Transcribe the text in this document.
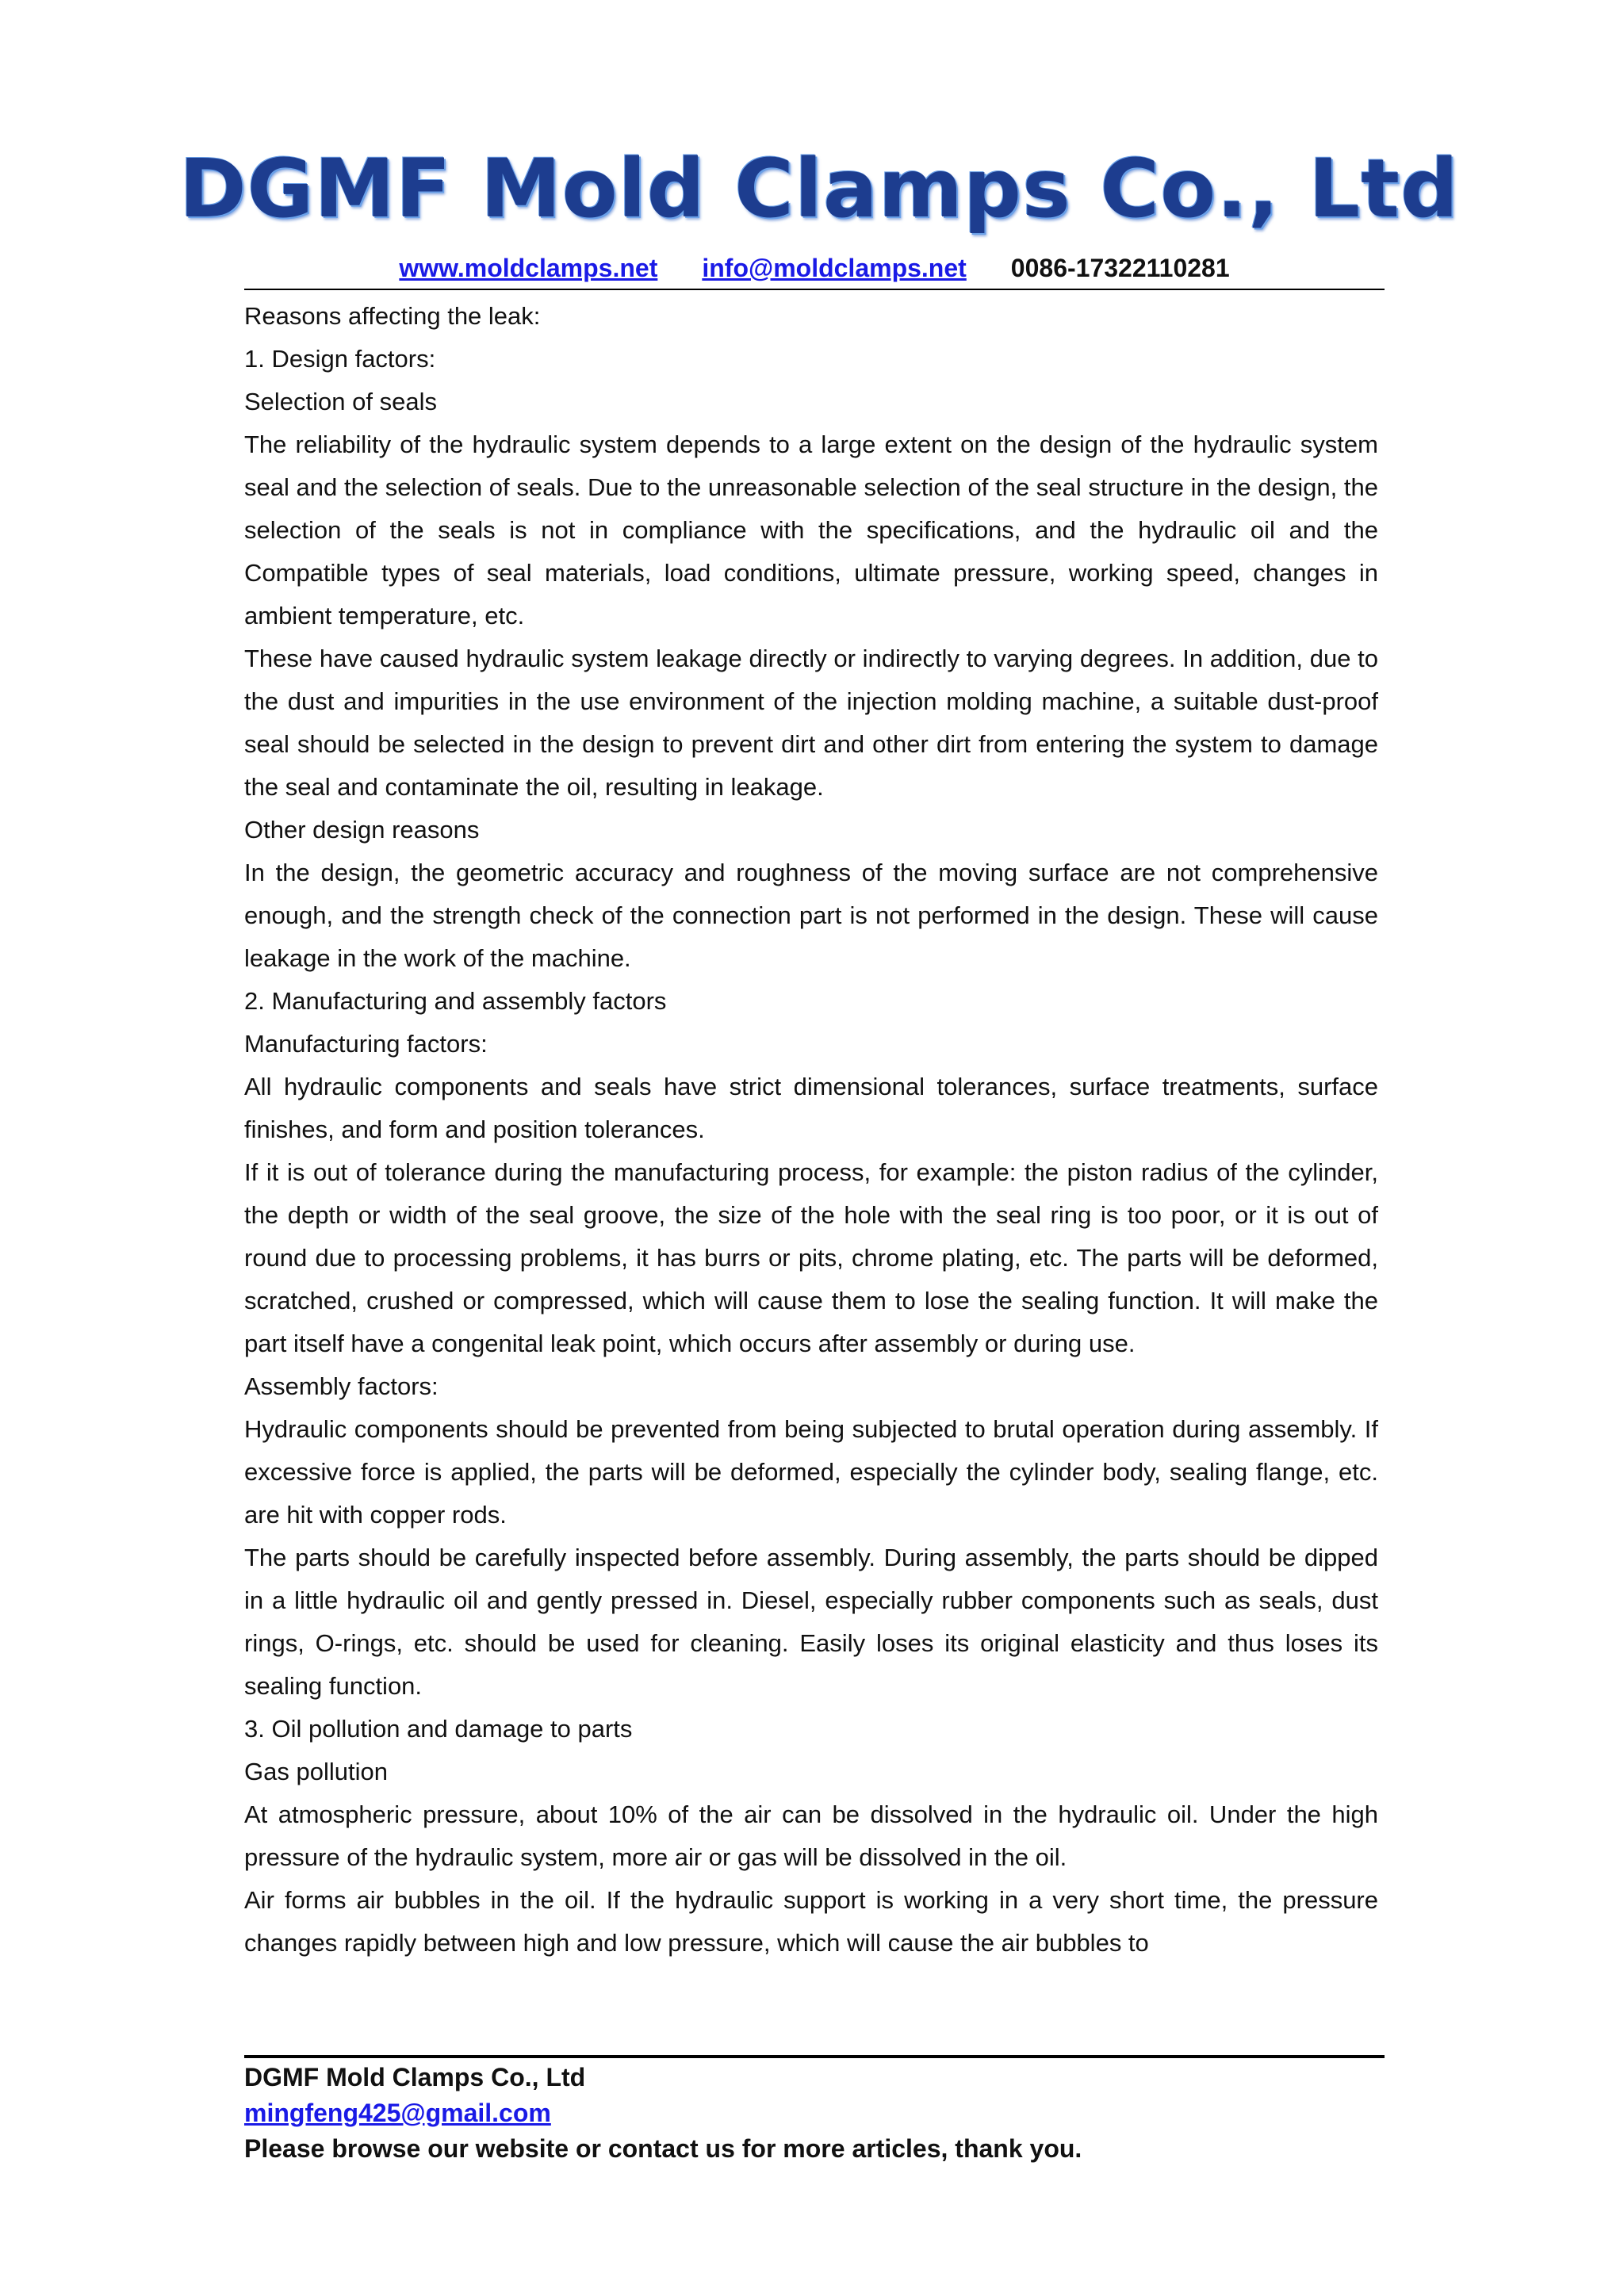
DGMF Mold Clamps Co., Ltd
www.moldclamps.net info@moldclamps.net 0086-17322110281

Reasons affecting the leak:

1. Design factors:

Selection of seals

The reliability of the hydraulic system depends to a large extent on the design of the hydraulic system seal and the selection of seals. Due to the unreasonable selection of the seal structure in the design, the selection of the seals is not in compliance with the specifications, and the hydraulic oil and the Compatible types of seal materials, load conditions, ultimate pressure, working speed, changes in ambient temperature, etc.

These have caused hydraulic system leakage directly or indirectly to varying degrees. In addition, due to the dust and impurities in the use environment of the injection molding machine, a suitable dust-proof seal should be selected in the design to prevent dirt and other dirt from entering the system to damage the seal and contaminate the oil, resulting in leakage.

Other design reasons

In the design, the geometric accuracy and roughness of the moving surface are not comprehensive enough, and the strength check of the connection part is not performed in the design. These will cause leakage in the work of the machine.

2. Manufacturing and assembly factors

Manufacturing factors:

All hydraulic components and seals have strict dimensional tolerances, surface treatments, surface finishes, and form and position tolerances.

If it is out of tolerance during the manufacturing process, for example: the piston radius of the cylinder, the depth or width of the seal groove, the size of the hole with the seal ring is too poor, or it is out of round due to processing problems, it has burrs or pits, chrome plating, etc. The parts will be deformed, scratched, crushed or compressed, which will cause them to lose the sealing function. It will make the part itself have a congenital leak point, which occurs after assembly or during use.

Assembly factors:

Hydraulic components should be prevented from being subjected to brutal operation during assembly. If excessive force is applied, the parts will be deformed, especially the cylinder body, sealing flange, etc. are hit with copper rods.

The parts should be carefully inspected before assembly. During assembly, the parts should be dipped in a little hydraulic oil and gently pressed in. Diesel, especially rubber components such as seals, dust rings, O-rings, etc. should be used for cleaning. Easily loses its original elasticity and thus loses its sealing function.

3. Oil pollution and damage to parts

Gas pollution

At atmospheric pressure, about 10% of the air can be dissolved in the hydraulic oil. Under the high pressure of the hydraulic system, more air or gas will be dissolved in the oil.

Air forms air bubbles in the oil. If the hydraulic support is working in a very short time, the pressure changes rapidly between high and low pressure, which will cause the air bubbles to

DGMF Mold Clamps Co., Ltd
mingfeng425@gmail.com
Please browse our website or contact us for more articles, thank you.
